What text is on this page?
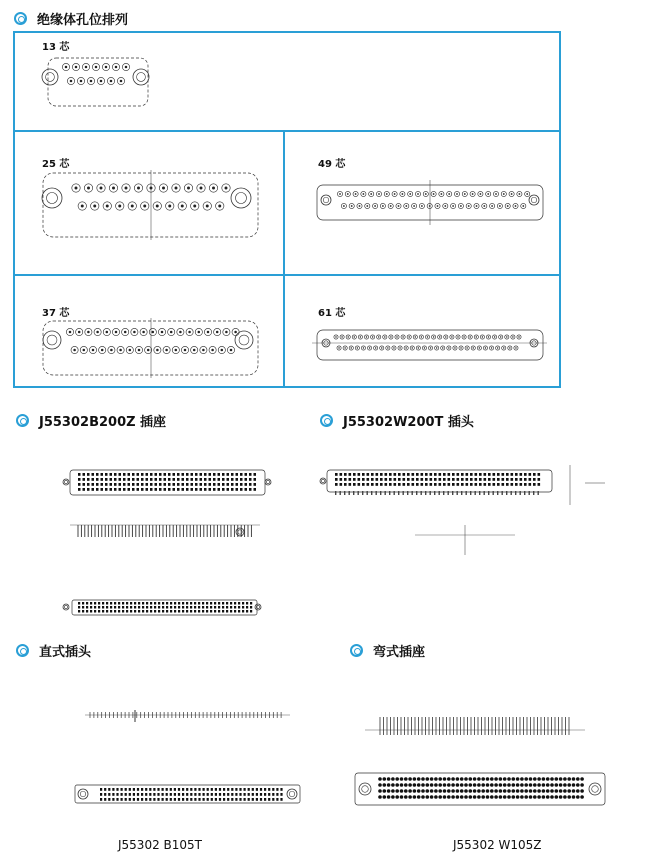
绝缘体孔位排列
13 芯
25 芯	49 芯
37 芯	61 芯
J55302B200Z 插座	J55302W200T 插头
直式插头	弯式插座
J55302 B105T	J55302 W105Z
